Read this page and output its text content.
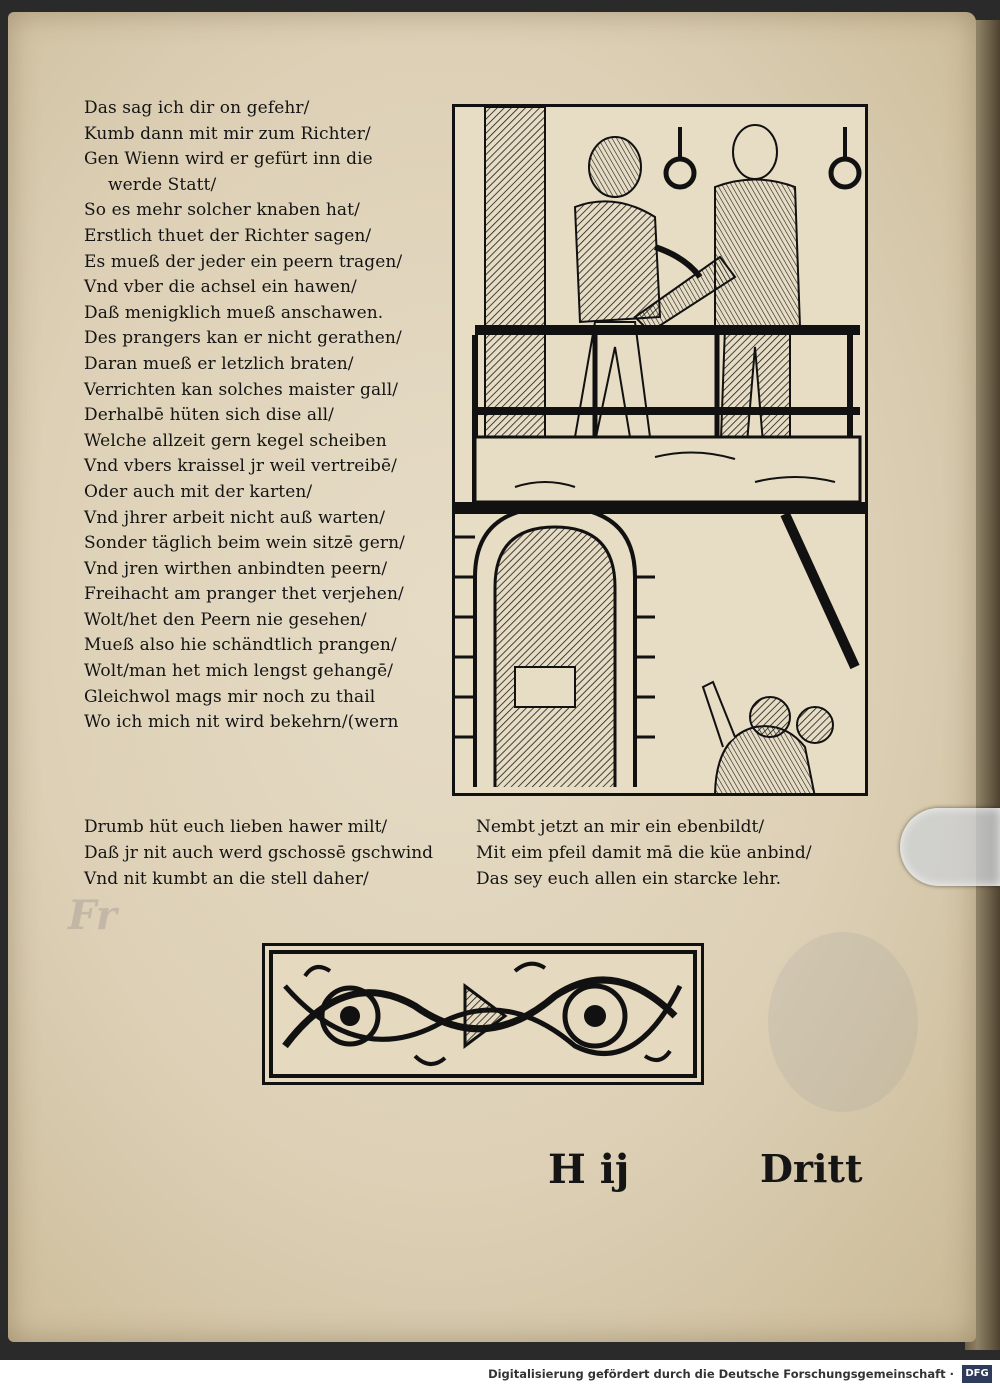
Fr
Das sag ich dir on gefehr/
Kumb dann mit mir zum Richter/
Gen Wienn wird er gefürt inn die
werde Statt/
So es mehr solcher knaben hat/
Erstlich thuet der Richter sagen/
Es mueß der jeder ein peern tragen/
Vnd vber die achsel ein hawen/
Daß menigklich mueß anschawen.
Des prangers kan er nicht gerathen/
Daran mueß er letzlich braten/
Verrichten kan solches maister gall/
Derhalbē hüten sich dise all/
Welche allzeit gern kegel scheiben
Vnd vbers kraissel jr weil vertreibē/
Oder auch mit der karten/
Vnd jhrer arbeit nicht auß warten/
Sonder täglich beim wein sitzē gern/
Vnd jren wirthen anbindten peern/
Freihacht am pranger thet verjehen/
Wolt/het den Peern nie gesehen/
Mueß also hie schändtlich prangen/
Wolt/man het mich lengst gehangē/
Gleichwol mags mir noch zu thail
Wo ich mich nit wird bekehrn/(wern
Drumb hüt euch lieben hawer milt/
Daß jr nit auch werd gschossē gschwind
Vnd nit kumbt an die stell daher/
Nembt jetzt an mir ein ebenbildt/
Mit eim pfeil damit mā die küe anbind/
Das sey euch allen ein starcke lehr.
H ij	Dritt
Digitalisierung gefördert durch die Deutsche Forschungsgemeinschaft ·	DFG
